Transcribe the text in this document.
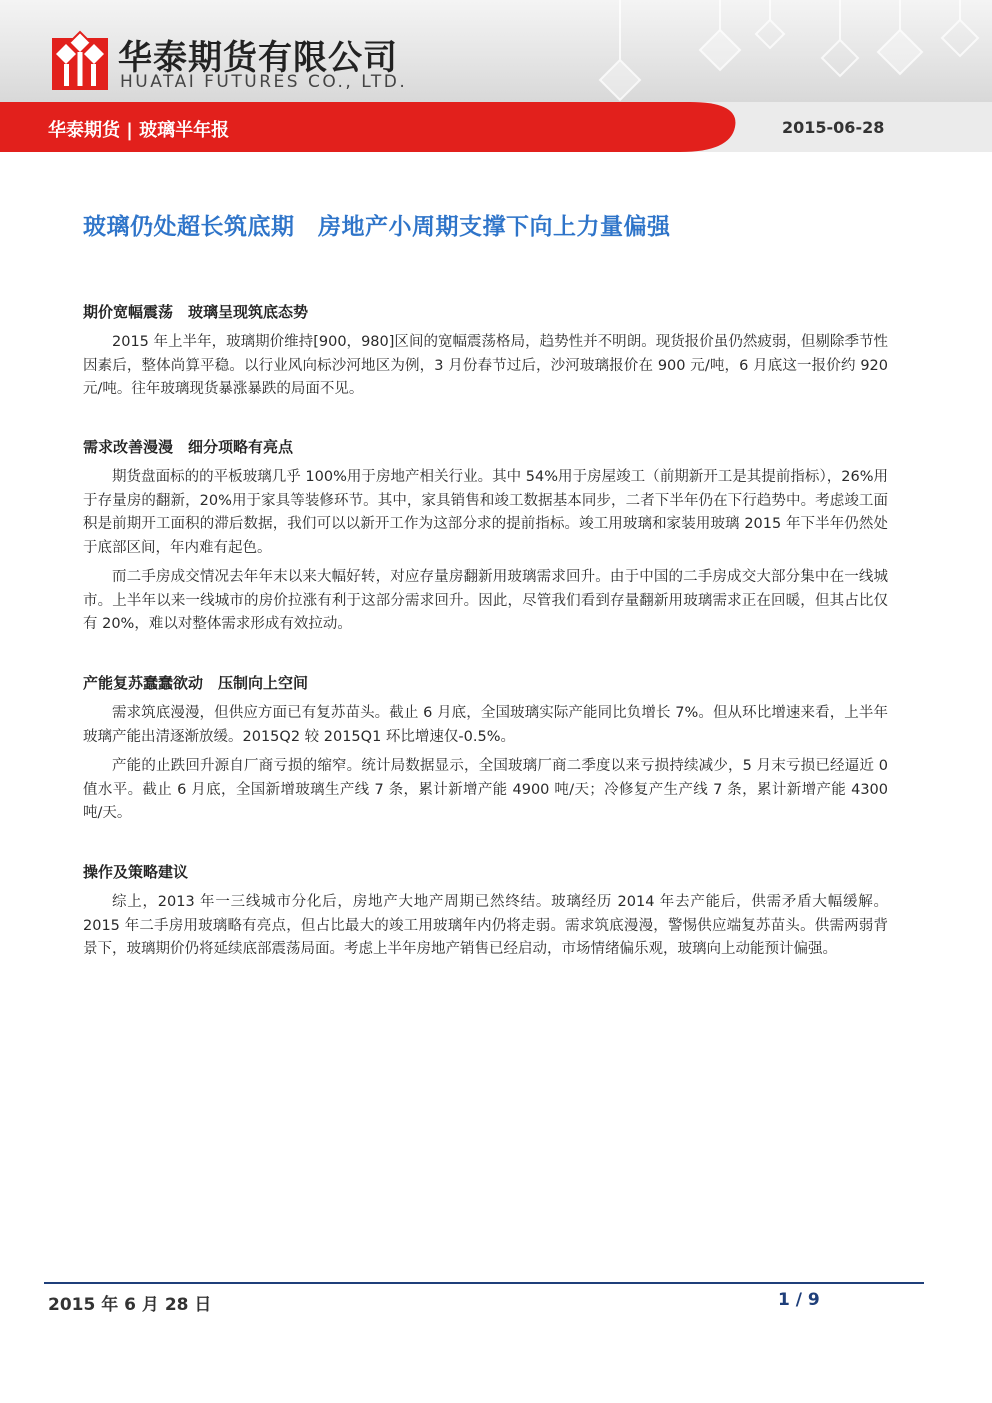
华泰期货有限公司
HUATAI FUTURES CO., LTD.
华泰期货 | 玻璃半年报	2015-06-28
玻璃仍处超长筑底期　房地产小周期支撑下向上力量偏强
期价宽幅震荡　玻璃呈现筑底态势

2015 年上半年，玻璃期价维持[900，980]区间的宽幅震荡格局，趋势性并不明朗。现货报价虽仍然疲弱，但剔除季节性因素后，整体尚算平稳。以行业风向标沙河地区为例，3 月份春节过后，沙河玻璃报价在 900 元/吨，6 月底这一报价约 920 元/吨。往年玻璃现货暴涨暴跌的局面不见。

需求改善漫漫　细分项略有亮点

期货盘面标的的平板玻璃几乎 100%用于房地产相关行业。其中 54%用于房屋竣工（前期新开工是其提前指标），26%用于存量房的翻新，20%用于家具等装修环节。其中，家具销售和竣工数据基本同步，二者下半年仍在下行趋势中。考虑竣工面积是前期开工面积的滞后数据，我们可以以新开工作为这部分求的提前指标。竣工用玻璃和家装用玻璃 2015 年下半年仍然处于底部区间，年内难有起色。

而二手房成交情况去年年末以来大幅好转，对应存量房翻新用玻璃需求回升。由于中国的二手房成交大部分集中在一线城市。上半年以来一线城市的房价拉涨有利于这部分需求回升。因此，尽管我们看到存量翻新用玻璃需求正在回暖，但其占比仅有 20%，难以对整体需求形成有效拉动。

产能复苏蠢蠢欲动　压制向上空间

需求筑底漫漫，但供应方面已有复苏苗头。截止 6 月底，全国玻璃实际产能同比负增长 7%。但从环比增速来看，上半年玻璃产能出清逐渐放缓。2015Q2 较 2015Q1 环比增速仅-0.5%。

产能的止跌回升源自厂商亏损的缩窄。统计局数据显示，全国玻璃厂商二季度以来亏损持续减少，5 月末亏损已经逼近 0 值水平。截止 6 月底，全国新增玻璃生产线 7 条，累计新增产能 4900 吨/天；冷修复产生产线 7 条，累计新增产能 4300 吨/天。

操作及策略建议

综上，2013 年一三线城市分化后，房地产大地产周期已然终结。玻璃经历 2014 年去产能后，供需矛盾大幅缓解。2015 年二手房用玻璃略有亮点，但占比最大的竣工用玻璃年内仍将走弱。需求筑底漫漫，警惕供应端复苏苗头。供需两弱背景下，玻璃期价仍将延续底部震荡局面。考虑上半年房地产销售已经启动，市场情绪偏乐观，玻璃向上动能预计偏强。

2015 年 6 月 28 日	1 / 9
